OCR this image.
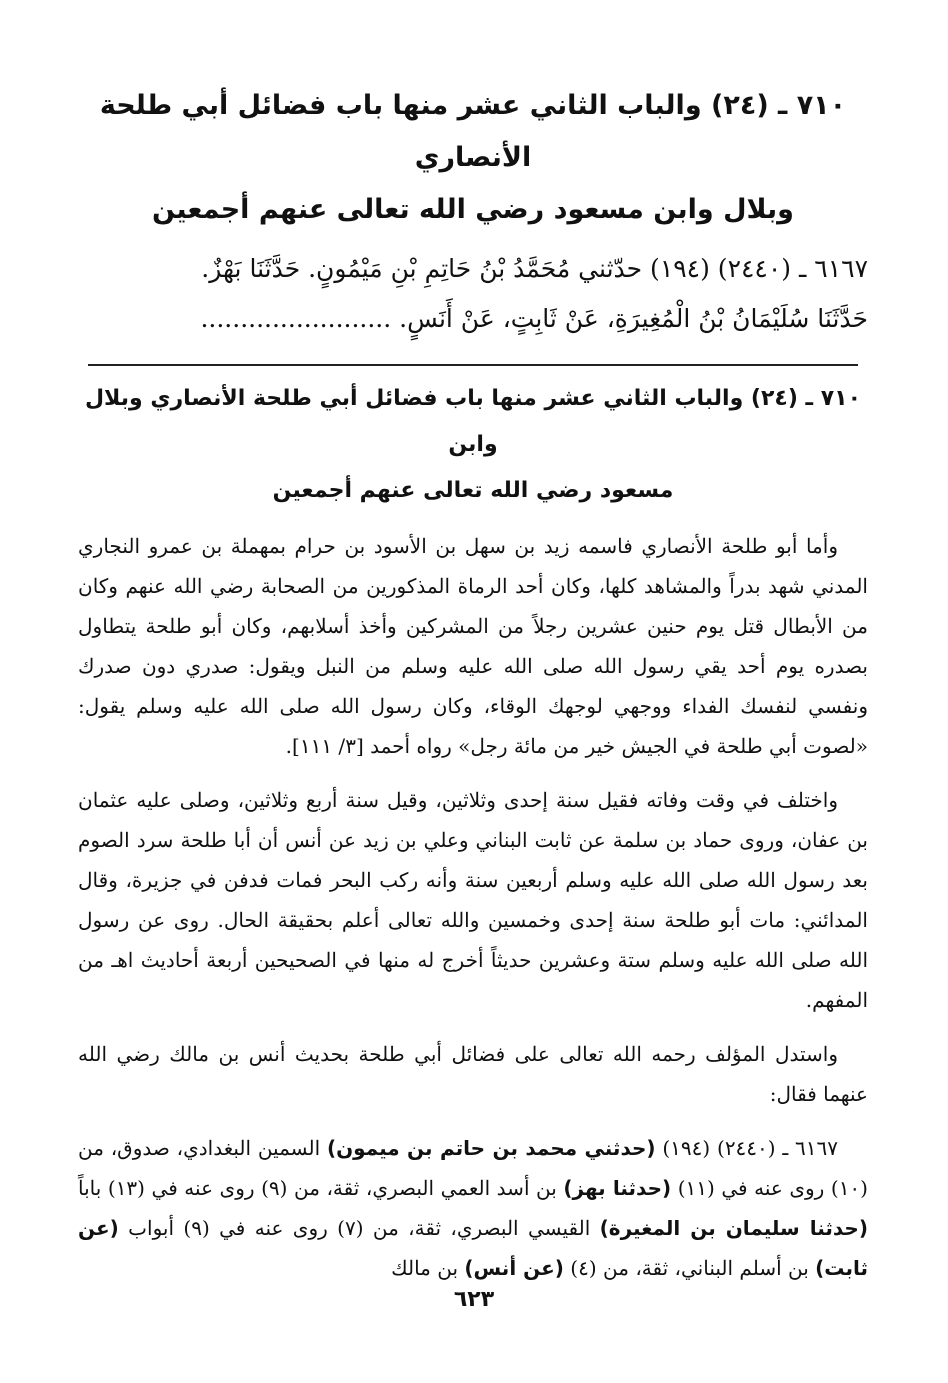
٧١٠ ـ (٢٤) والباب الثاني عشر منها باب فضائل أبي طلحة الأنصاري
وبلال وابن مسعود رضي الله تعالى عنهم أجمعين
٦١٦٧ ـ (٢٤٤٠) (١٩٤) حدّثني مُحَمَّدُ بْنُ حَاتِمِ بْنِ مَيْمُونٍ. حَدَّثَنَا بَهْزٌ.
حَدَّثَنَا سُلَيْمَانُ بْنُ الْمُغِيرَةِ، عَنْ ثَابِتٍ، عَنْ أَنَسٍ. ........................
٧١٠ ـ (٢٤) والباب الثاني عشر منها باب فضائل أبي طلحة الأنصاري وبلال وابن
مسعود رضي الله تعالى عنهم أجمعين

وأما أبو طلحة الأنصاري فاسمه زيد بن سهل بن الأسود بن حرام بمهملة بن عمرو النجاري المدني شهد بدراً والمشاهد كلها، وكان أحد الرماة المذكورين من الصحابة رضي الله عنهم وكان من الأبطال قتل يوم حنين عشرين رجلاً من المشركين وأخذ أسلابهم، وكان أبو طلحة يتطاول بصدره يوم أحد يقي رسول الله صلى الله عليه وسلم من النبل ويقول: صدري دون صدرك ونفسي لنفسك الفداء ووجهي لوجهك الوقاء، وكان رسول الله صلى الله عليه وسلم يقول: «لصوت أبي طلحة في الجيش خير من مائة رجل» رواه أحمد [٣/ ١١١].

واختلف في وقت وفاته فقيل سنة إحدى وثلاثين، وقيل سنة أربع وثلاثين، وصلى عليه عثمان بن عفان، وروى حماد بن سلمة عن ثابت البناني وعلي بن زيد عن أنس أن أبا طلحة سرد الصوم بعد رسول الله صلى الله عليه وسلم أربعين سنة وأنه ركب البحر فمات فدفن في جزيرة، وقال المدائني: مات أبو طلحة سنة إحدى وخمسين والله تعالى أعلم بحقيقة الحال. روى عن رسول الله صلى الله عليه وسلم ستة وعشرين حديثاً أخرج له منها في الصحيحين أربعة أحاديث اهـ من المفهم.

واستدل المؤلف رحمه الله تعالى على فضائل أبي طلحة بحديث أنس بن مالك رضي الله عنهما فقال:

٦١٦٧ ـ (٢٤٤٠) (١٩٤) (حدثني محمد بن حاتم بن ميمون) السمين البغدادي، صدوق، من (١٠) روى عنه في (١١) (حدثنا بهز) بن أسد العمي البصري، ثقة، من (٩) روى عنه في (١٣) باباً (حدثنا سليمان بن المغيرة) القيسي البصري، ثقة، من (٧) روى عنه في (٩) أبواب (عن ثابت) بن أسلم البناني، ثقة، من (٤) (عن أنس) بن مالك

٦٢٣
